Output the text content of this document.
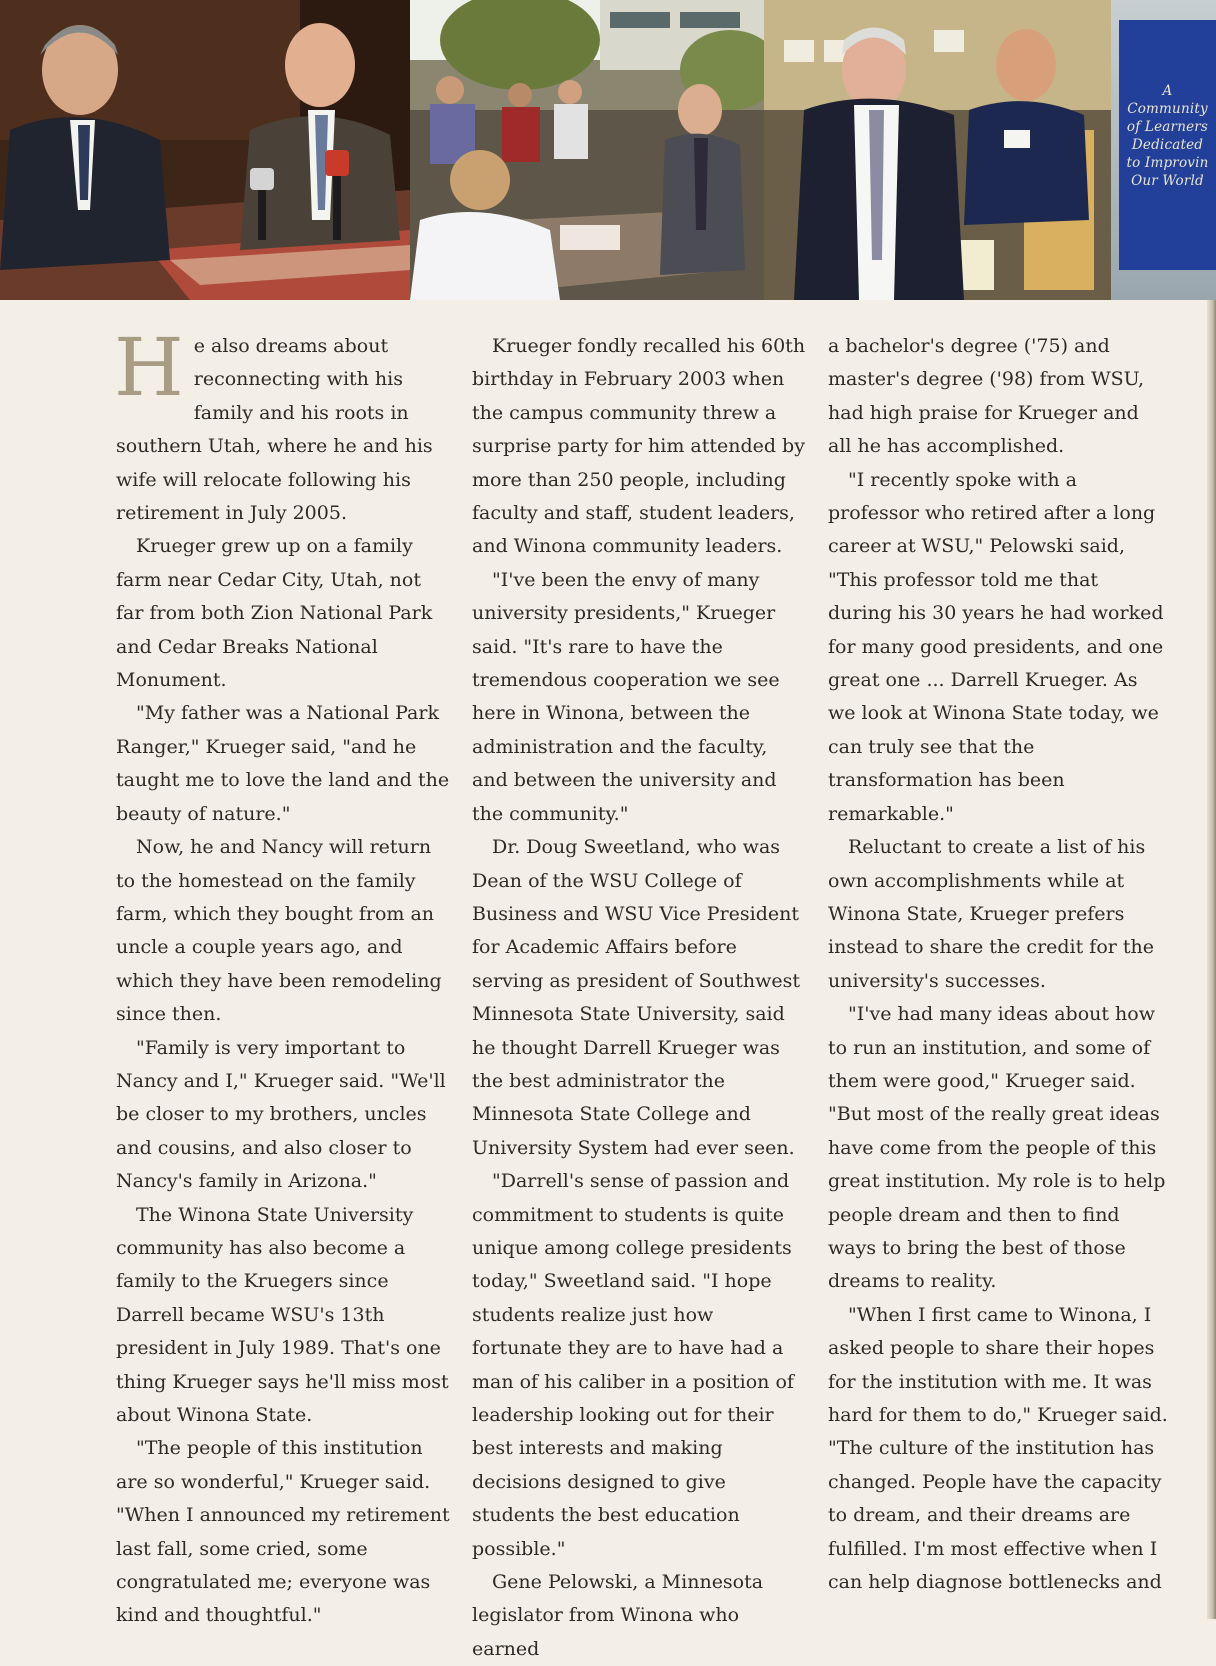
A
Community
of Learners
Dedicated
to Improvin
Our World

He also dreams about reconnecting with his family and his roots in southern Utah, where he and his wife will relocate following his retirement in July 2005.

Krueger grew up on a family farm near Cedar City, Utah, not far from both Zion National Park and Cedar Breaks National Monument.

"My father was a National Park Ranger," Krueger said, "and he taught me to love the land and the beauty of nature."

Now, he and Nancy will return to the homestead on the family farm, which they bought from an uncle a couple years ago, and which they have been remodeling since then.

"Family is very important to Nancy and I," Krueger said. "We'll be closer to my brothers, uncles and cousins, and also closer to Nancy's family in Arizona."

The Winona State University community has also become a family to the Kruegers since Darrell became WSU's 13th president in July 1989. That's one thing Krueger says he'll miss most about Winona State.

"The people of this institution are so wonderful," Krueger said. "When I announced my retirement last fall, some cried, some congratulated me; everyone was kind and thoughtful."

Krueger fondly recalled his 60th birthday in February 2003 when the campus community threw a surprise party for him attended by more than 250 people, including faculty and staff, student leaders, and Winona community leaders.

"I've been the envy of many university presidents," Krueger said. "It's rare to have the tremendous cooperation we see here in Winona, between the administration and the faculty, and between the university and the community."

Dr. Doug Sweetland, who was Dean of the WSU College of Business and WSU Vice President for Academic Affairs before serving as president of Southwest Minnesota State University, said he thought Darrell Krueger was the best administrator the Minnesota State College and University System had ever seen.

"Darrell's sense of passion and commitment to students is quite unique among college presidents today," Sweetland said. "I hope students realize just how fortunate they are to have had a man of his caliber in a position of leadership looking out for their best interests and making decisions designed to give students the best education possible."

Gene Pelowski, a Minnesota legislator from Winona who earned

a bachelor's degree ('75) and master's degree ('98) from WSU, had high praise for Krueger and all he has accomplished.

"I recently spoke with a professor who retired after a long career at WSU," Pelowski said, "This professor told me that during his 30 years he had worked for many good presidents, and one great one ... Darrell Krueger. As we look at Winona State today, we can truly see that the transformation has been remarkable."

Reluctant to create a list of his own accomplishments while at Winona State, Krueger prefers instead to share the credit for the university's successes.

"I've had many ideas about how to run an institution, and some of them were good," Krueger said. "But most of the really great ideas have come from the people of this great institution. My role is to help people dream and then to find ways to bring the best of those dreams to reality.

"When I first came to Winona, I asked people to share their hopes for the institution with me. It was hard for them to do," Krueger said. "The culture of the institution has changed. People have the capacity to dream, and their dreams are fulfilled. I'm most effective when I can help diagnose bottlenecks and
